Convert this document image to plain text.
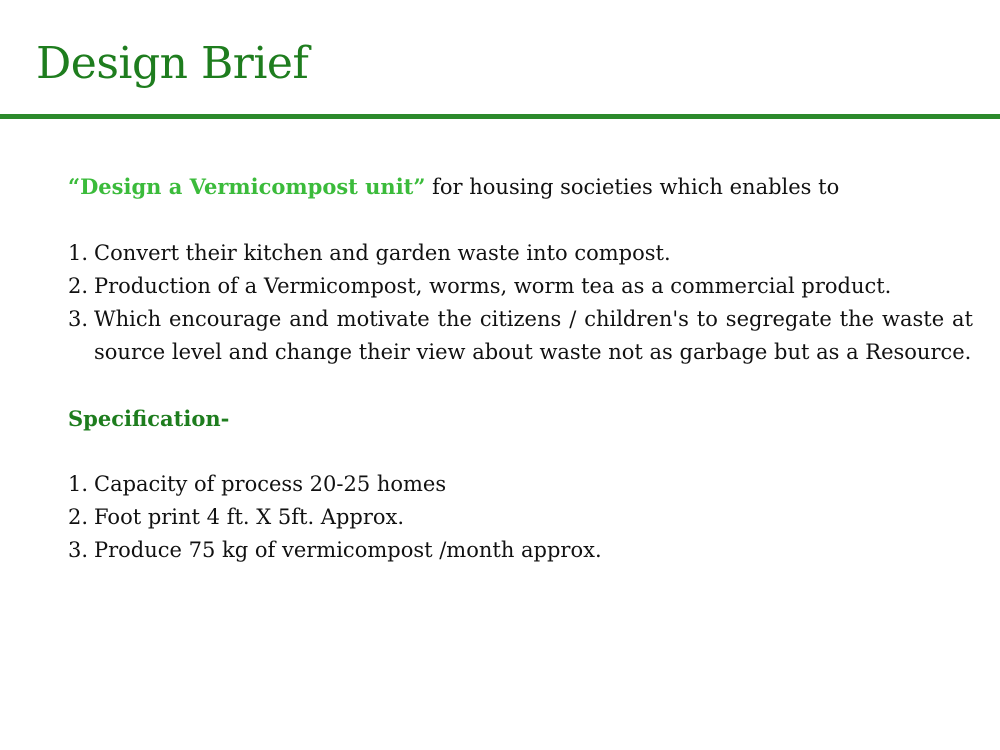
Design Brief

“Design a Vermicompost unit” for housing societies which enables to

1. Convert their kitchen and garden waste into compost.
2. Production of a Vermicompost, worms, worm tea as a commercial product.
3. Which encourage and motivate the citizens / children's to segregate the waste at source level and change their view about waste not as garbage but as a Resource.
Specification-
1. Capacity of process 20-25 homes
2. Foot print 4 ft. X 5ft. Approx.
3. Produce 75 kg of vermicompost /month approx.
